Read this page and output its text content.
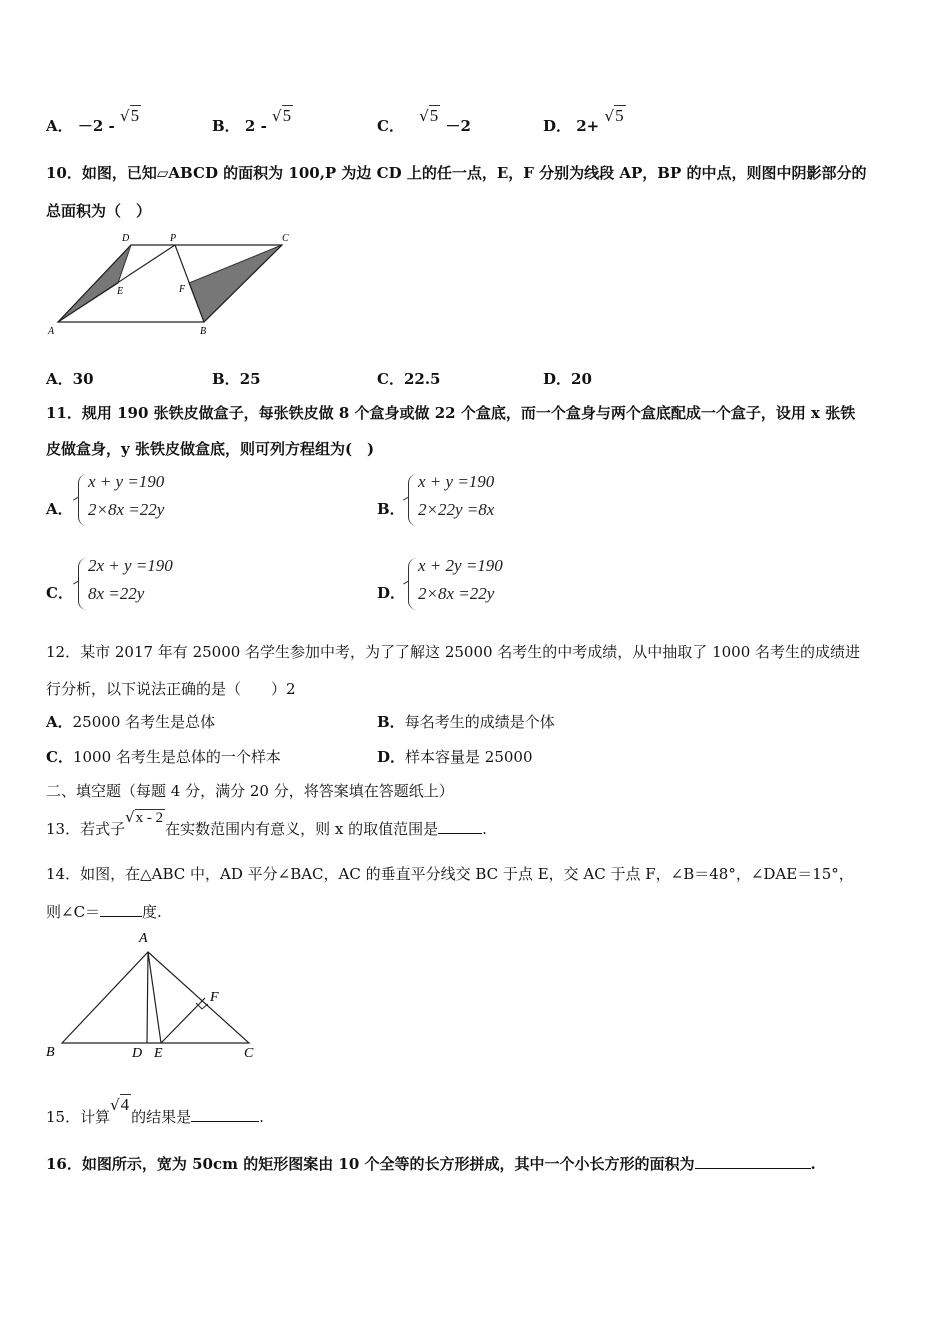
A． －2 - √5
B． 2 - √5
C． √5 －2	D． 2+ √5
10．如图，已知▱ABCD 的面积为 100,P 为边 CD 上的任一点，E，F 分别为线段 AP，BP 的中点，则图中阴影部分的
总面积为（　）
D	P	C
E	F
A	B
A．30	B．25	C．22.5	D．20
11．规用 190 张铁皮做盒子，每张铁皮做 8 个盒身或做 22 个盒底，而一个盒身与两个盒底配成一个盒子，设用 x 张铁
皮做盒身，y 张铁皮做盒底，则可列方程组为(　)
A．
x + y =190
2×8x =22y	B．
x + y =190
2×22y =8x
C．
2x + y =190
8x =22y	D．
x + 2y =190
2×8x =22y
12．某市 2017 年有 25000 名学生参加中考，为了了解这 25000 名考生的中考成绩，从中抽取了 1000 名考生的成绩进
行分析，以下说法正确的是（　　）2
A．25000 名考生是总体	B．每名考生的成绩是个体
C．1000 名考生是总体的一个样本	D．样本容量是 25000
二、填空题（每题 4 分，满分 20 分，将答案填在答题纸上）
13．若式子√x - 2在实数范围内有意义，则 x 的取值范围是	.
14．如图，在△ABC 中，AD 平分∠BAC，AC 的垂直平分线交 BC 于点 E，交 AC 于点 F，∠B＝48°，∠DAE＝15°，
则∠C＝	度.
A
F
B	D E	C
15．计算√4的结果是	.
16．如图所示，宽为 50cm 的矩形图案由 10 个全等的长方形拼成，其中一个小长方形的面积为	.
